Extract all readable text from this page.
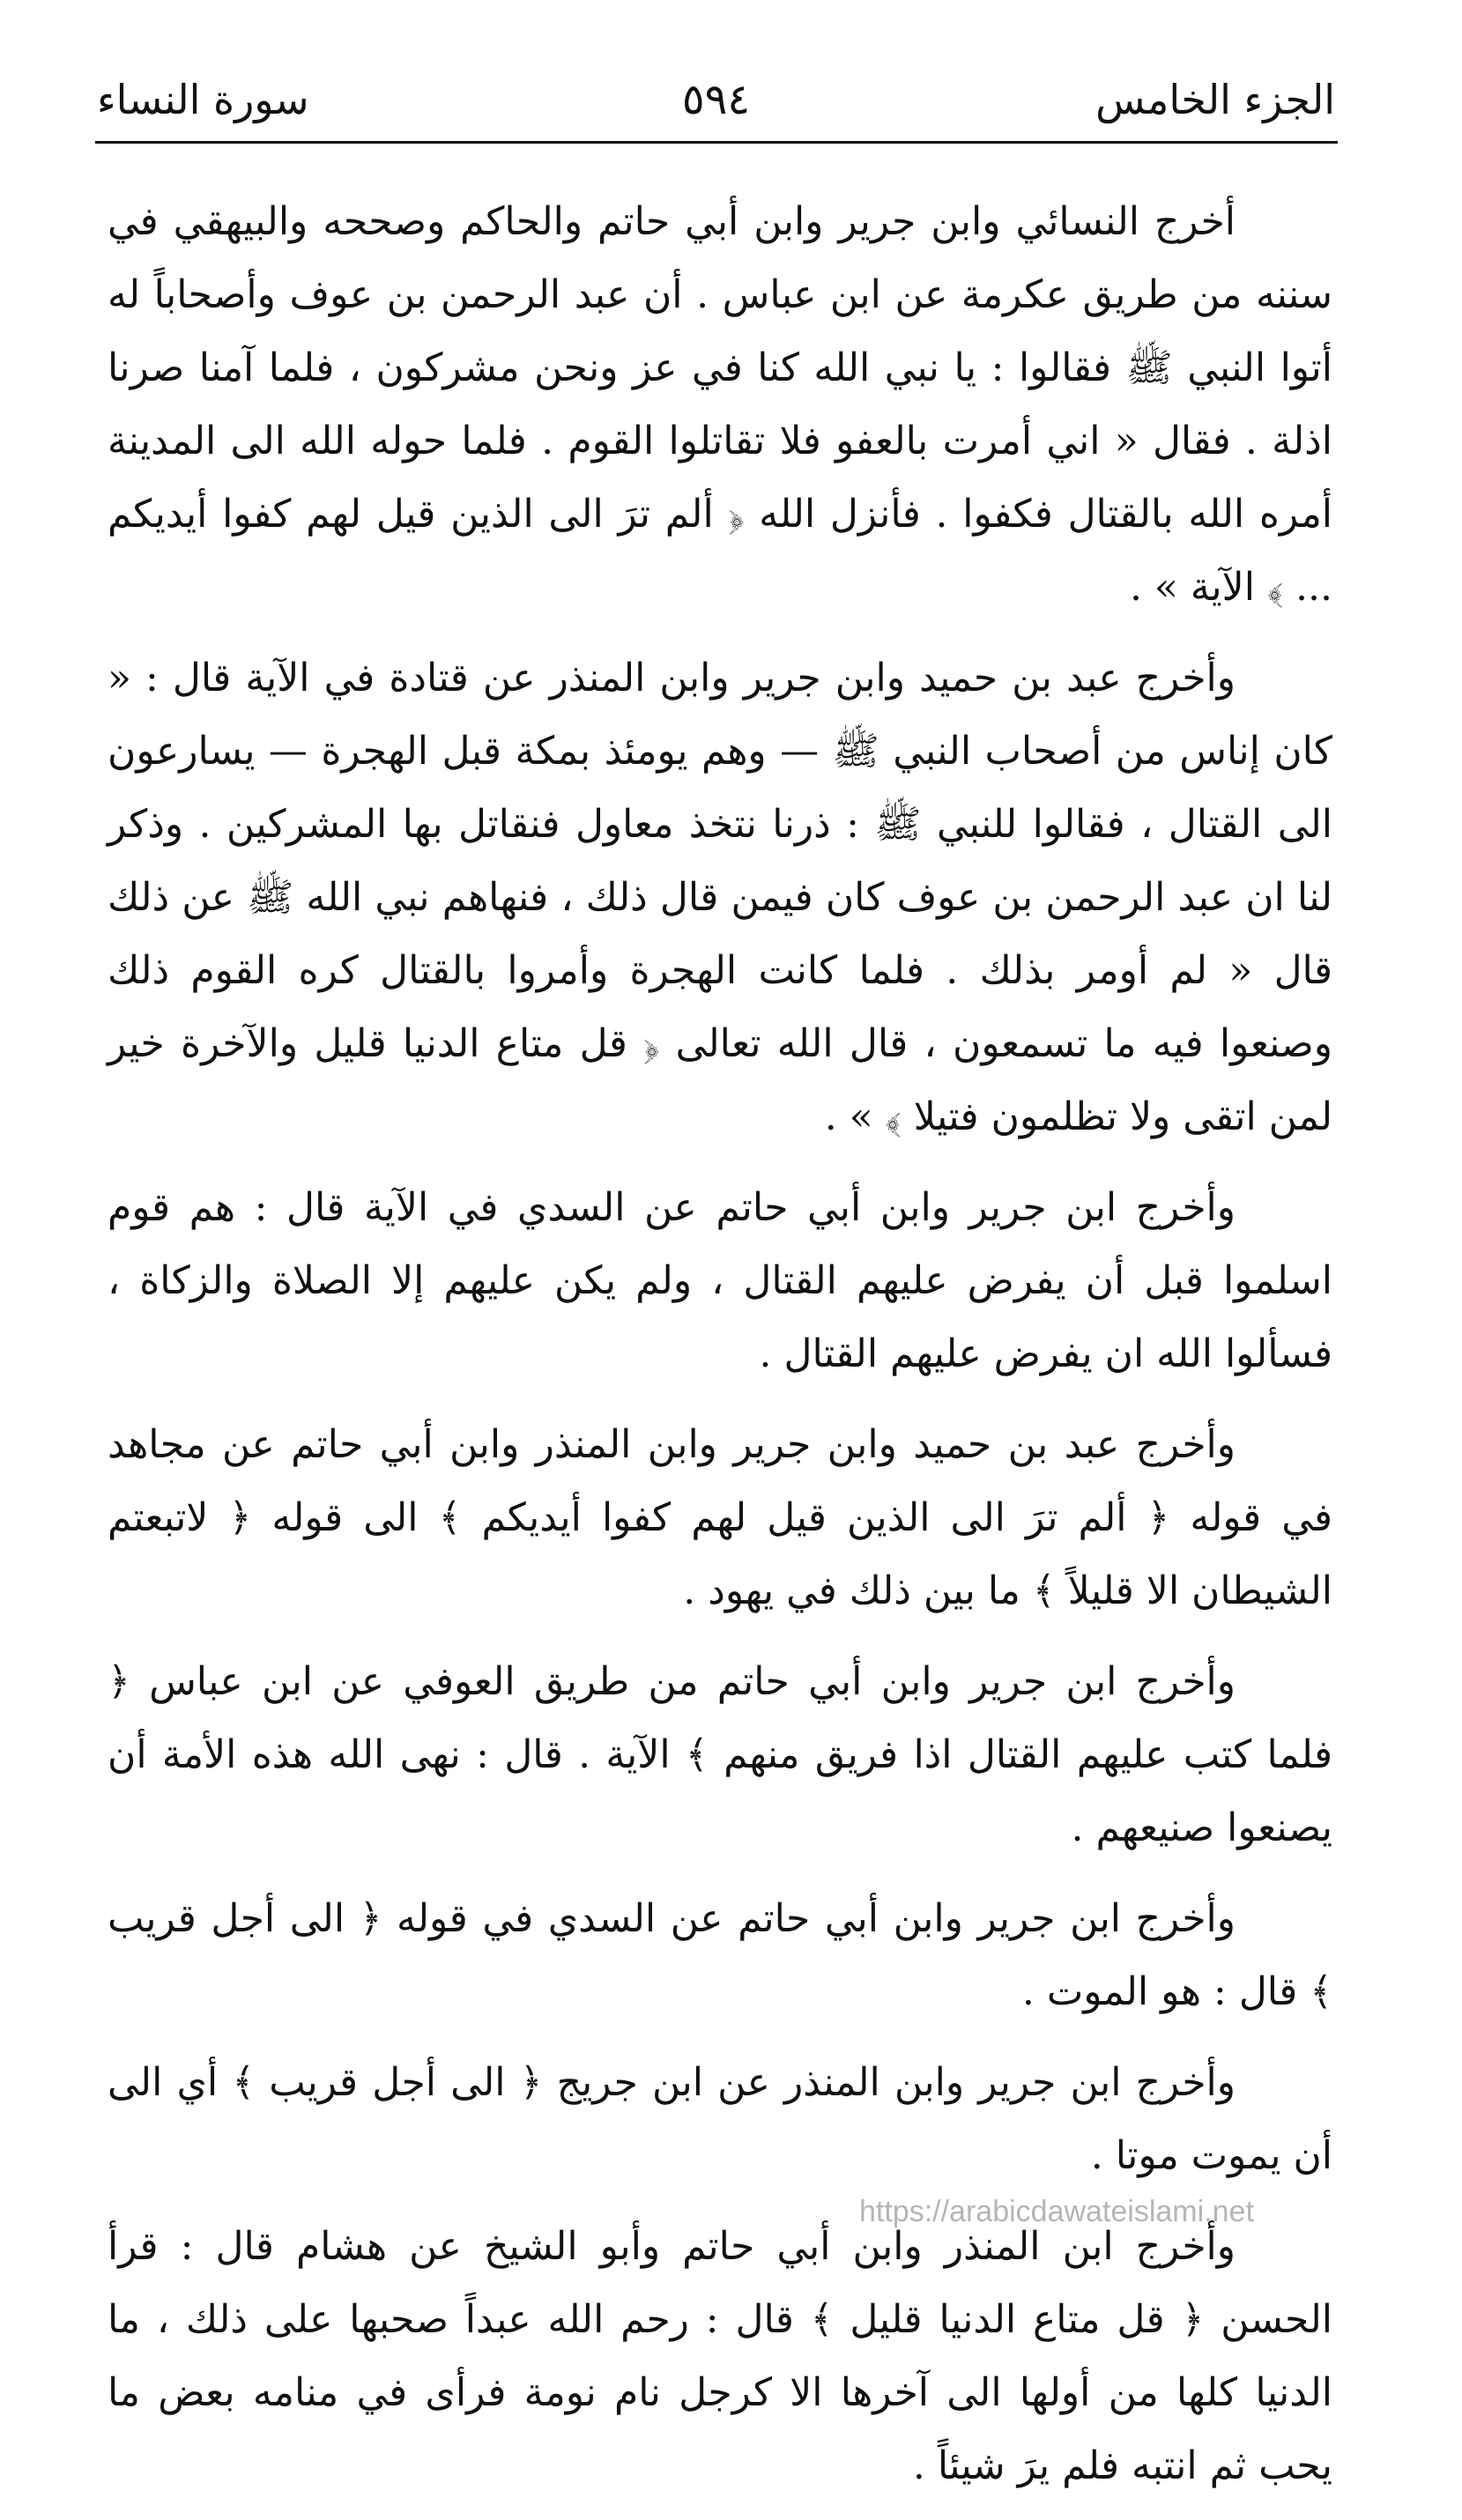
الجزء الخامس
٥٩٤
سورة النساء

أخرج النسائي وابن جرير وابن أبي حاتم والحاكم وصححه والبيهقي في سننه من طريق عكرمة عن ابن عباس . أن عبد الرحمن بن عوف وأصحاباً له أتوا النبي ﷺ فقالوا : يا نبي الله كنا في عز ونحن مشركون ، فلما آمنا صرنا اذلة . فقال « اني أمرت بالعفو فلا تقاتلوا القوم . فلما حوله الله الى المدينة أمره الله بالقتال فكفوا . فأنزل الله ﴿ ألم ترَ الى الذين قيل لهم كفوا أيديكم ... ﴾ الآية » .

وأخرج عبد بن حميد وابن جرير وابن المنذر عن قتادة في الآية قال : « كان إناس من أصحاب النبي ﷺ — وهم يومئذ بمكة قبل الهجرة — يسارعون الى القتال ، فقالوا للنبي ﷺ : ذرنا نتخذ معاول فنقاتل بها المشركين . وذكر لنا ان عبد الرحمن بن عوف كان فيمن قال ذلك ، فنهاهم نبي الله ﷺ عن ذلك قال « لم أومر بذلك . فلما كانت الهجرة وأمروا بالقتال كره القوم ذلك وصنعوا فيه ما تسمعون ، قال الله تعالى ﴿ قل متاع الدنيا قليل والآخرة خير لمن اتقى ولا تظلمون فتيلا ﴾ » .

وأخرج ابن جرير وابن أبي حاتم عن السدي في الآية قال : هم قوم اسلموا قبل أن يفرض عليهم القتال ، ولم يكن عليهم إلا الصلاة والزكاة ، فسألوا الله ان يفرض عليهم القتال .

وأخرج عبد بن حميد وابن جرير وابن المنذر وابن أبي حاتم عن مجاهد في قوله ﴿ ألم ترَ الى الذين قيل لهم كفوا أيديكم ﴾ الى قوله ﴿ لاتبعتم الشيطان الا قليلاً ﴾ ما بين ذلك في يهود .

وأخرج ابن جرير وابن أبي حاتم من طريق العوفي عن ابن عباس ﴿ فلما كتب عليهم القتال اذا فريق منهم ﴾ الآية . قال : نهى الله هذه الأمة أن يصنعوا صنيعهم .

وأخرج ابن جرير وابن أبي حاتم عن السدي في قوله ﴿ الى أجل قريب ﴾ قال : هو الموت .

وأخرج ابن جرير وابن المنذر عن ابن جريج ﴿ الى أجل قريب ﴾ أي الى أن يموت موتا .

وأخرج ابن المنذر وابن أبي حاتم وأبو الشيخ عن هشام قال : قرأ الحسن ﴿ قل متاع الدنيا قليل ﴾ قال : رحم الله عبداً صحبها على ذلك ، ما الدنيا كلها من أولها الى آخرها الا كرجل نام نومة فرأى في منامه بعض ما يحب ثم انتبه فلم يرَ شيئاً .

https://arabicdawateislami.net
